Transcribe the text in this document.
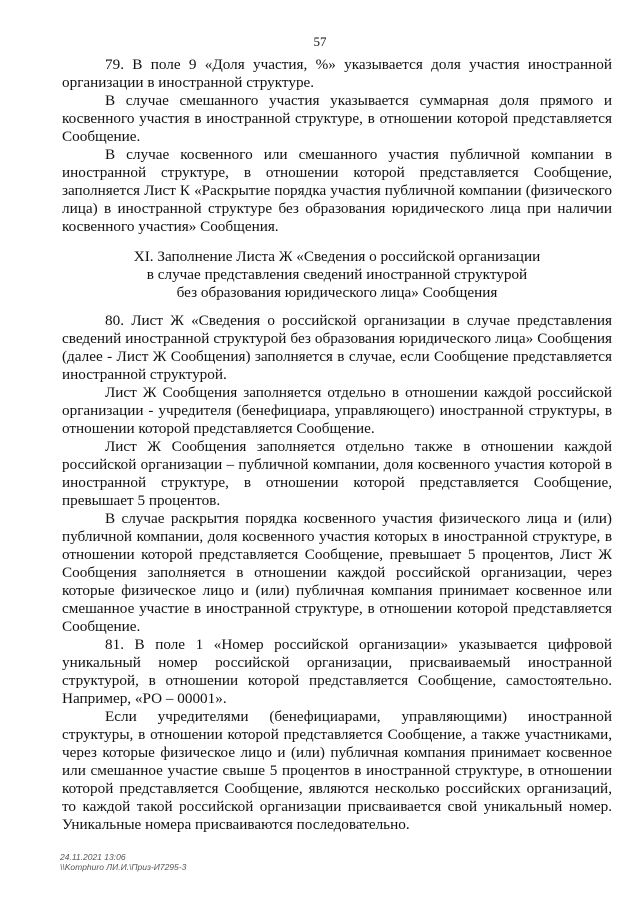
57

79. В поле 9 «Доля участия, %» указывается доля участия иностранной организации в иностранной структуре.

В случае смешанного участия указывается суммарная доля прямого и косвенного участия в иностранной структуре, в отношении которой представляется Сообщение.

В случае косвенного или смешанного участия публичной компании в иностранной структуре, в отношении которой представляется Сообщение, заполняется Лист К «Раскрытие порядка участия публичной компании (физического лица) в иностранной структуре без образования юридического лица при наличии косвенного участия» Сообщения.

XI. Заполнение Листа Ж «Сведения о российской организации
в случае представления сведений иностранной структурой
без образования юридического лица» Сообщения

80. Лист Ж «Сведения о российской организации в случае представления сведений иностранной структурой без образования юридического лица» Сообщения (далее - Лист Ж Сообщения) заполняется в случае, если Сообщение представляется иностранной структурой.

Лист Ж Сообщения заполняется отдельно в отношении каждой российской организации - учредителя (бенефициара, управляющего) иностранной структуры, в отношении которой представляется Сообщение.

Лист Ж Сообщения заполняется отдельно также в отношении каждой российской организации – публичной компании, доля косвенного участия которой в иностранной структуре, в отношении которой представляется Сообщение, превышает 5 процентов.

В случае раскрытия порядка косвенного участия физического лица и (или) публичной компании, доля косвенного участия которых в иностранной структуре, в отношении которой представляется Сообщение, превышает 5 процентов, Лист Ж Сообщения заполняется в отношении каждой российской организации, через которые физическое лицо и (или) публичная компания принимает косвенное или смешанное участие в иностранной структуре, в отношении которой представляется Сообщение.

81. В поле 1 «Номер российской организации» указывается цифровой уникальный номер российской организации, присваиваемый иностранной структурой, в отношении которой представляется Сообщение, самостоятельно. Например, «РО – 00001».

Если учредителями (бенефициарами, управляющими) иностранной структуры, в отношении которой представляется Сообщение, а также участниками, через которые физическое лицо и (или) публичная компания принимает косвенное или смешанное участие свыше 5 процентов в иностранной структуре, в отношении которой представляется Сообщение, являются несколько российских организаций, то каждой такой российской организации присваивается свой уникальный номер. Уникальные номера присваиваются последовательно.

24.11.2021 13:06
\\Komphurо ЛИ.И.\Приз-И7295-3
